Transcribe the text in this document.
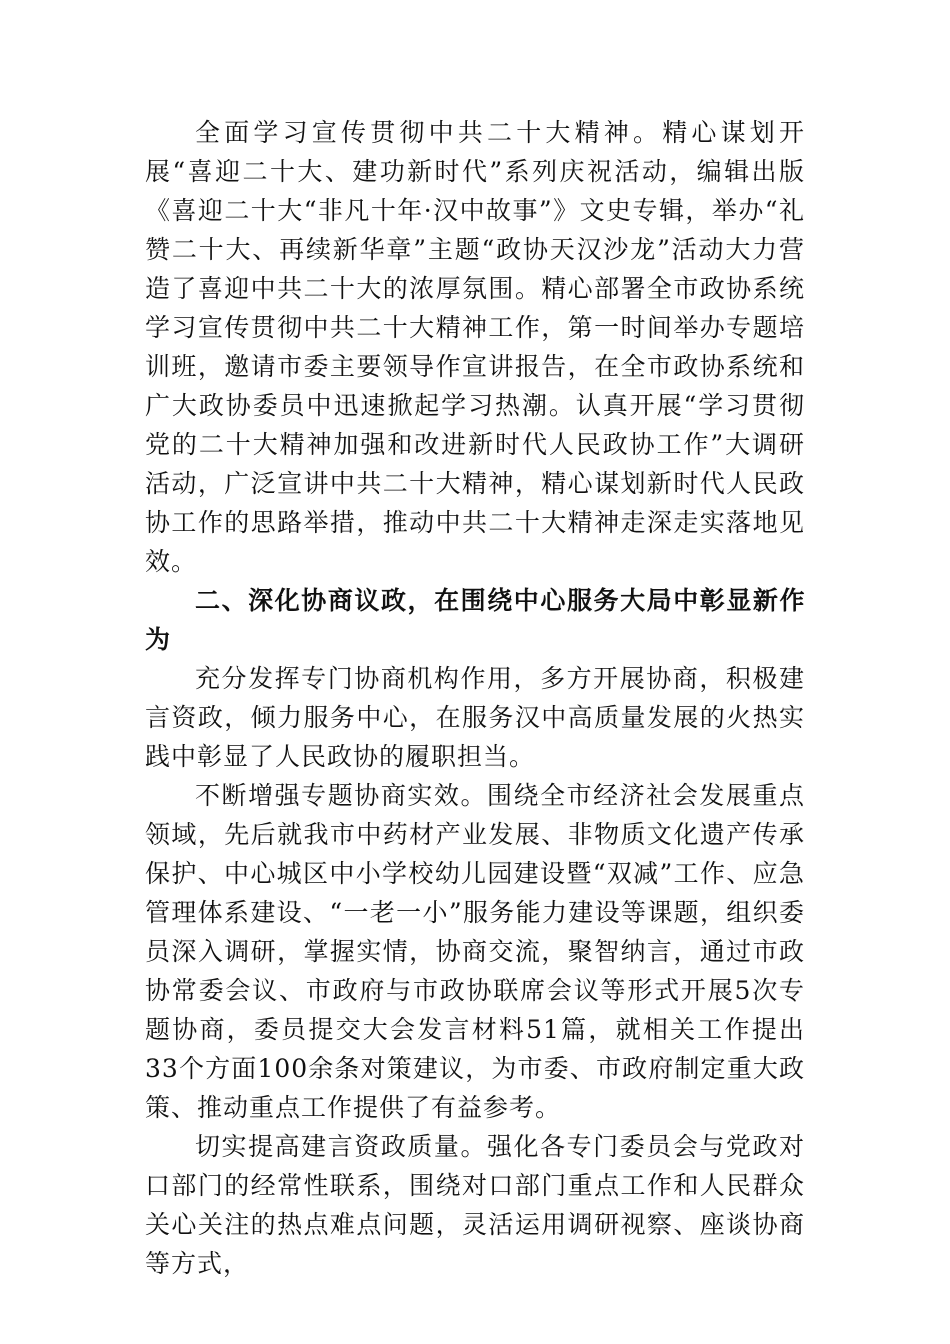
全面学习宣传贯彻中共二十大精神。精心谋划开展“喜迎二十大、建功新时代”系列庆祝活动，编辑出版《喜迎二十大“非凡十年·汉中故事”》文史专辑，举办“礼赞二十大、再续新华章”主题“政协天汉沙龙”活动大力营造了喜迎中共二十大的浓厚氛围。精心部署全市政协系统学习宣传贯彻中共二十大精神工作，第一时间举办专题培训班，邀请市委主要领导作宣讲报告，在全市政协系统和广大政协委员中迅速掀起学习热潮。认真开展“学习贯彻党的二十大精神加强和改进新时代人民政协工作”大调研活动，广泛宣讲中共二十大精神，精心谋划新时代人民政协工作的思路举措，推动中共二十大精神走深走实落地见效。

二、深化协商议政，在围绕中心服务大局中彰显新作为

充分发挥专门协商机构作用，多方开展协商，积极建言资政，倾力服务中心，在服务汉中高质量发展的火热实践中彰显了人民政协的履职担当。

不断增强专题协商实效。围绕全市经济社会发展重点领域，先后就我市中药材产业发展、非物质文化遗产传承保护、中心城区中小学校幼儿园建设暨“双减”工作、应急管理体系建设、“一老一小”服务能力建设等课题，组织委员深入调研，掌握实情，协商交流，聚智纳言，通过市政协常委会议、市政府与市政协联席会议等形式开展5次专题协商，委员提交大会发言材料51篇，就相关工作提出33个方面100余条对策建议，为市委、市政府制定重大政策、推动重点工作提供了有益参考。

切实提高建言资政质量。强化各专门委员会与党政对口部门的经常性联系，围绕对口部门重点工作和人民群众关心关注的热点难点问题，灵活运用调研视察、座谈协商等方式，
